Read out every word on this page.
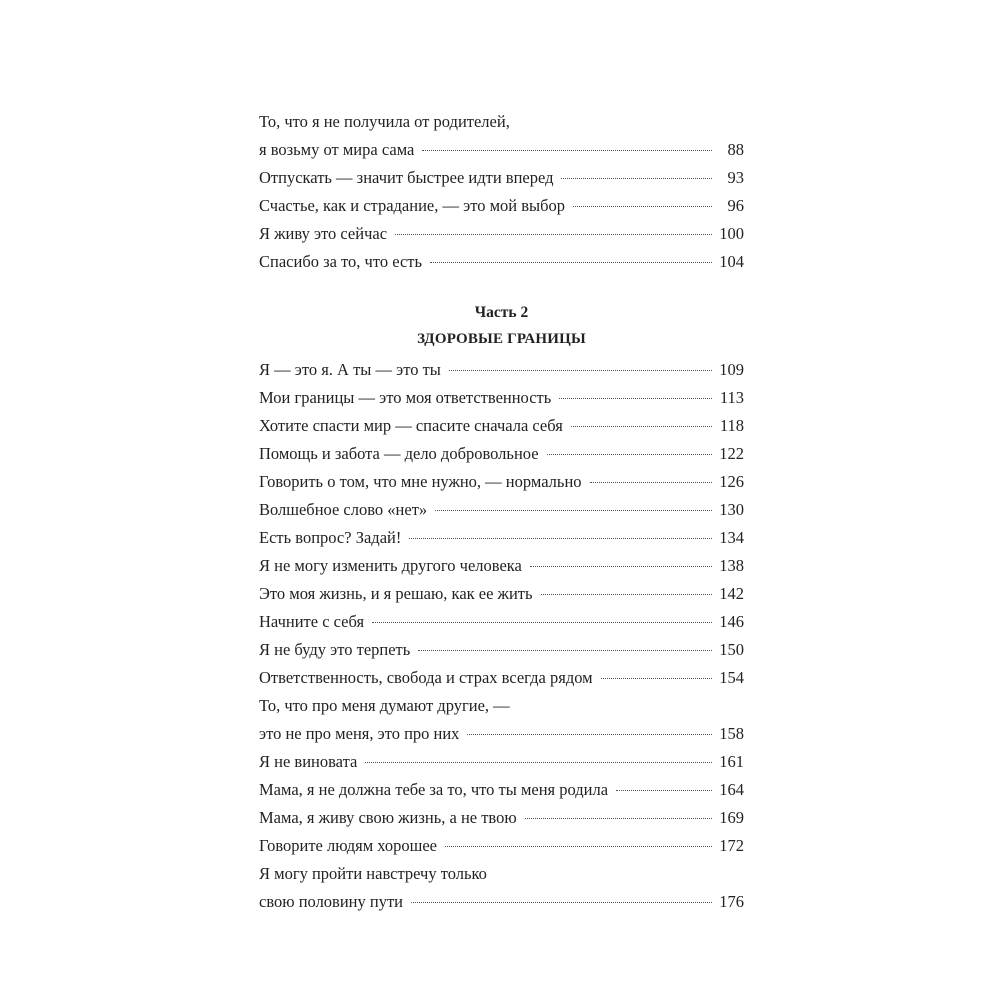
То, что я не получила от родителей,
я возьму от мира сама	88
Отпускать — значит быстрее идти вперед	93
Счастье, как и страдание, — это мой выбор	96
Я живу это сейчас	100
Спасибо за то, что есть	104
Часть 2
ЗДОРОВЫЕ ГРАНИЦЫ
Я — это я. А ты — это ты	109
Мои границы — это моя ответственность	113
Хотите спасти мир — спасите сначала себя	118
Помощь и забота — дело добровольное	122
Говорить о том, что мне нужно, — нормально	126
Волшебное слово «нет»	130
Есть вопрос? Задай!	134
Я не могу изменить другого человека	138
Это моя жизнь, и я решаю, как ее жить	142
Начните с себя	146
Я не буду это терпеть	150
Ответственность, свобода и страх всегда рядом	154
То, что про меня думают другие, —
это не про меня, это про них	158
Я не виновата	161
Мама, я не должна тебе за то, что ты меня родила	164
Мама, я живу свою жизнь, а не твою	169
Говорите людям хорошее	172
Я могу пройти навстречу только
свою половину пути	176
